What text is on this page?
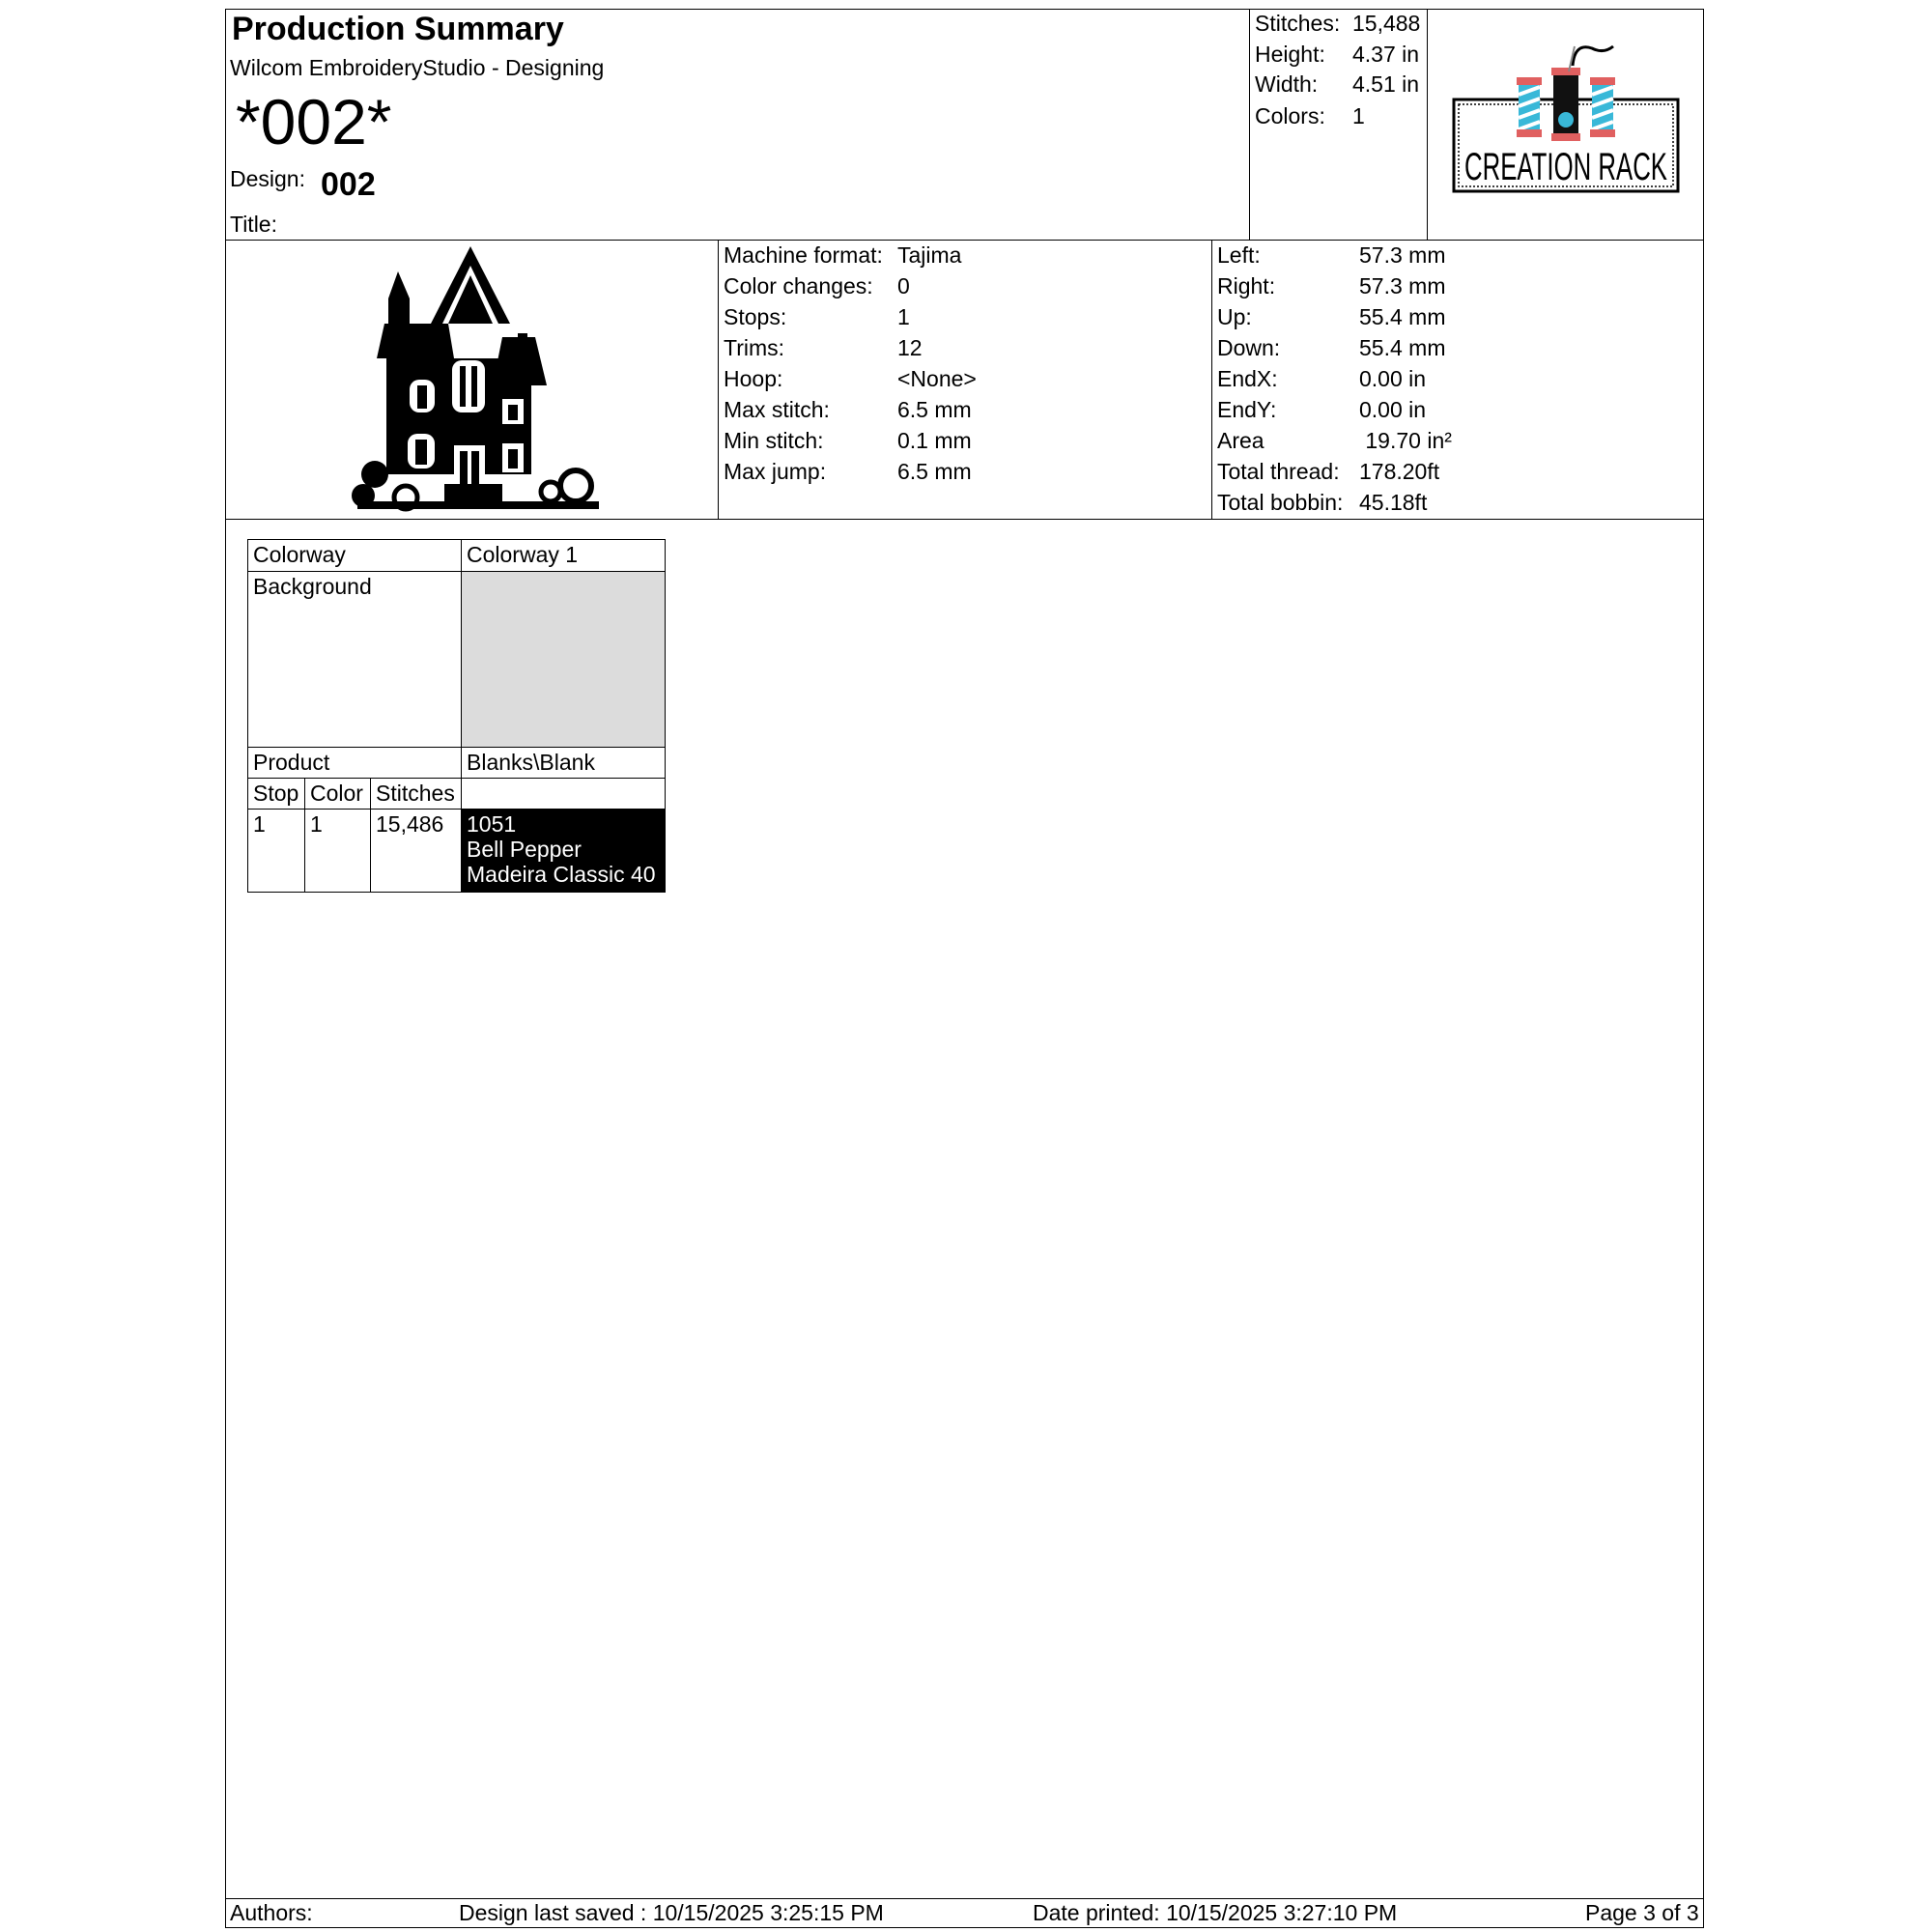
Production Summary
Wilcom EmbroideryStudio - Designing
*002*
Design: 002
Title:
Stitches: 15,488
Height: 4.37 in
Width: 4.51 in
Colors: 1
CREATION RACK
Machine format: Tajima
Color changes: 0
Stops:	1
Trims:	12
Hoop:	<None>
Max stitch:	6.5 mm
Min stitch:	0.1 mm
Max jump:	6.5 mm
Left:	57.3 mm
Right:	57.3 mm
Up:	55.4 mm
Down:	55.4 mm
EndX:	0.00 in
EndY:	0.00 in
Area	19.70 in²
Total thread: 178.20ft
Total bobbin: 45.18ft
Colorway			Colorway 1
Background			
Product			Blanks\Blank
Stop	Color	Stitches	
1	1	15,486	1051
Bell Pepper
Madeira Classic 40
Authors:	Design last saved : 10/15/2025 3:25:15 PM	Date printed: 10/15/2025 3:27:10 PM	Page 3 of 3
